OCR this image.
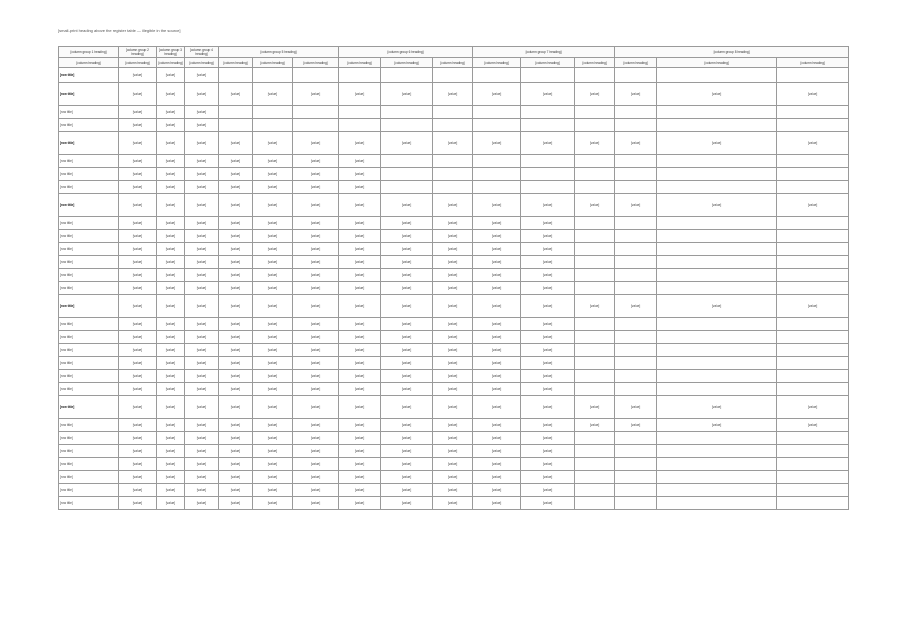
[small-print heading above the register table — illegible in the source]
[column group 1 heading]	[column group 2 heading]	[column group 3 heading]	[column group 4 heading]	[column group 5 heading]			[column group 6 heading]			[column group 7 heading]			[column group 8 heading]		
[column heading]	[column heading]	[column heading]	[column heading]	[column heading]	[column heading]	[column heading]	[column heading]	[column heading]	[column heading]	[column heading]	[column heading]	[column heading]	[column heading]	[column heading]	[column heading]
[row title]	[value]	[value]	[value]												
[row title]	[value]	[value]	[value]	[value]	[value]	[value]	[value]	[value]	[value]	[value]	[value]	[value]	[value]	[value]	[value]
[row title]	[value]	[value]	[value]												
[row title]	[value]	[value]	[value]												
[row title]	[value]	[value]	[value]	[value]	[value]	[value]	[value]	[value]	[value]	[value]	[value]	[value]	[value]	[value]	[value]
[row title]	[value]	[value]	[value]	[value]	[value]	[value]	[value]								
[row title]	[value]	[value]	[value]	[value]	[value]	[value]	[value]								
[row title]	[value]	[value]	[value]	[value]	[value]	[value]	[value]								
[row title]	[value]	[value]	[value]	[value]	[value]	[value]	[value]	[value]	[value]	[value]	[value]	[value]	[value]	[value]	[value]
[row title]	[value]	[value]	[value]	[value]	[value]	[value]	[value]	[value]	[value]	[value]	[value]				
[row title]	[value]	[value]	[value]	[value]	[value]	[value]	[value]	[value]	[value]	[value]	[value]				
[row title]	[value]	[value]	[value]	[value]	[value]	[value]	[value]	[value]	[value]	[value]	[value]				
[row title]	[value]	[value]	[value]	[value]	[value]	[value]	[value]	[value]	[value]	[value]	[value]				
[row title]	[value]	[value]	[value]	[value]	[value]	[value]	[value]	[value]	[value]	[value]	[value]				
[row title]	[value]	[value]	[value]	[value]	[value]	[value]	[value]	[value]	[value]	[value]	[value]				
[row title]	[value]	[value]	[value]	[value]	[value]	[value]	[value]	[value]	[value]	[value]	[value]	[value]	[value]	[value]	[value]
[row title]	[value]	[value]	[value]	[value]	[value]	[value]	[value]	[value]	[value]	[value]	[value]				
[row title]	[value]	[value]	[value]	[value]	[value]	[value]	[value]	[value]	[value]	[value]	[value]				
[row title]	[value]	[value]	[value]	[value]	[value]	[value]	[value]	[value]	[value]	[value]	[value]				
[row title]	[value]	[value]	[value]	[value]	[value]	[value]	[value]	[value]	[value]	[value]	[value]				
[row title]	[value]	[value]	[value]	[value]	[value]	[value]	[value]	[value]	[value]	[value]	[value]				
[row title]	[value]	[value]	[value]	[value]	[value]	[value]	[value]	[value]	[value]	[value]	[value]				
[row title]	[value]	[value]	[value]	[value]	[value]	[value]	[value]	[value]	[value]	[value]	[value]	[value]	[value]	[value]	[value]
[row title]	[value]	[value]	[value]	[value]	[value]	[value]	[value]	[value]	[value]	[value]	[value]	[value]	[value]	[value]	[value]
[row title]	[value]	[value]	[value]	[value]	[value]	[value]	[value]	[value]	[value]	[value]	[value]				
[row title]	[value]	[value]	[value]	[value]	[value]	[value]	[value]	[value]	[value]	[value]	[value]				
[row title]	[value]	[value]	[value]	[value]	[value]	[value]	[value]	[value]	[value]	[value]	[value]				
[row title]	[value]	[value]	[value]	[value]	[value]	[value]	[value]	[value]	[value]	[value]	[value]				
[row title]	[value]	[value]	[value]	[value]	[value]	[value]	[value]	[value]	[value]	[value]	[value]				
[row title]	[value]	[value]	[value]	[value]	[value]	[value]	[value]	[value]	[value]	[value]	[value]				
